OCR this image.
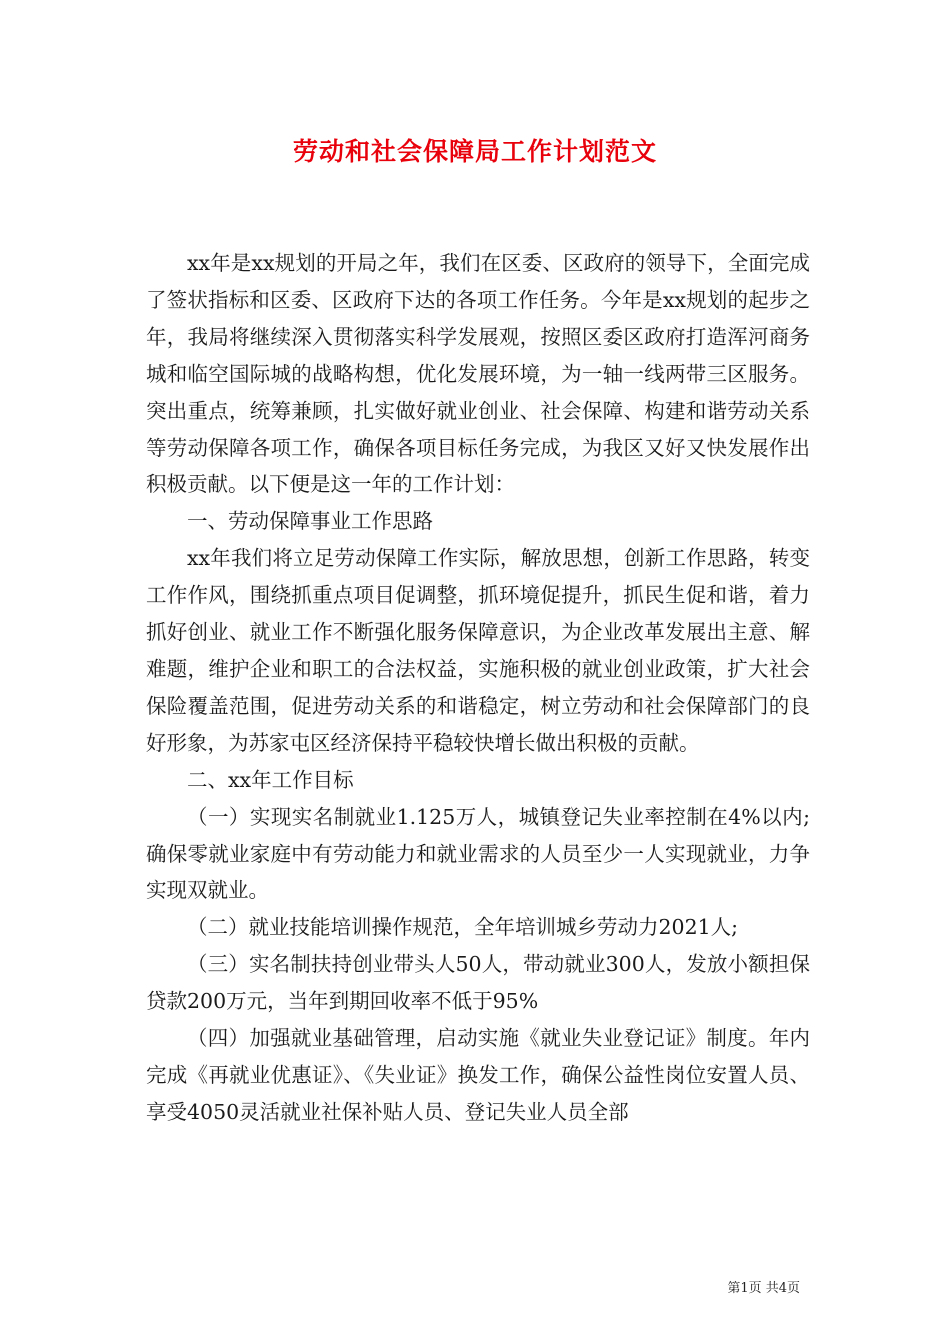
劳动和社会保障局工作计划范文

xx年是xx规划的开局之年，我们在区委、区政府的领导下，全面完成了签状指标和区委、区政府下达的各项工作任务。今年是xx规划的起步之年，我局将继续深入贯彻落实科学发展观，按照区委区政府打造浑河商务城和临空国际城的战略构想，优化发展环境，为一轴一线两带三区服务。突出重点，统筹兼顾，扎实做好就业创业、社会保障、构建和谐劳动关系等劳动保障各项工作，确保各项目标任务完成，为我区又好又快发展作出积极贡献。以下便是这一年的工作计划：

一、劳动保障事业工作思路

xx年我们将立足劳动保障工作实际，解放思想，创新工作思路，转变工作作风，围绕抓重点项目促调整，抓环境促提升，抓民生促和谐，着力抓好创业、就业工作不断强化服务保障意识，为企业改革发展出主意、解难题，维护企业和职工的合法权益，实施积极的就业创业政策，扩大社会保险覆盖范围，促进劳动关系的和谐稳定，树立劳动和社会保障部门的良好形象，为苏家屯区经济保持平稳较快增长做出积极的贡献。

二、xx年工作目标

（一）实现实名制就业1.125万人，城镇登记失业率控制在4%以内;确保零就业家庭中有劳动能力和就业需求的人员至少一人实现就业，力争实现双就业。

（二）就业技能培训操作规范，全年培训城乡劳动力2021人;

（三）实名制扶持创业带头人50人，带动就业300人，发放小额担保贷款200万元，当年到期回收率不低于95%

（四）加强就业基础管理，启动实施《就业失业登记证》制度。年内完成《再就业优惠证》、《失业证》换发工作，确保公益性岗位安置人员、享受4050灵活就业社保补贴人员、登记失业人员全部

第1页 共4页
